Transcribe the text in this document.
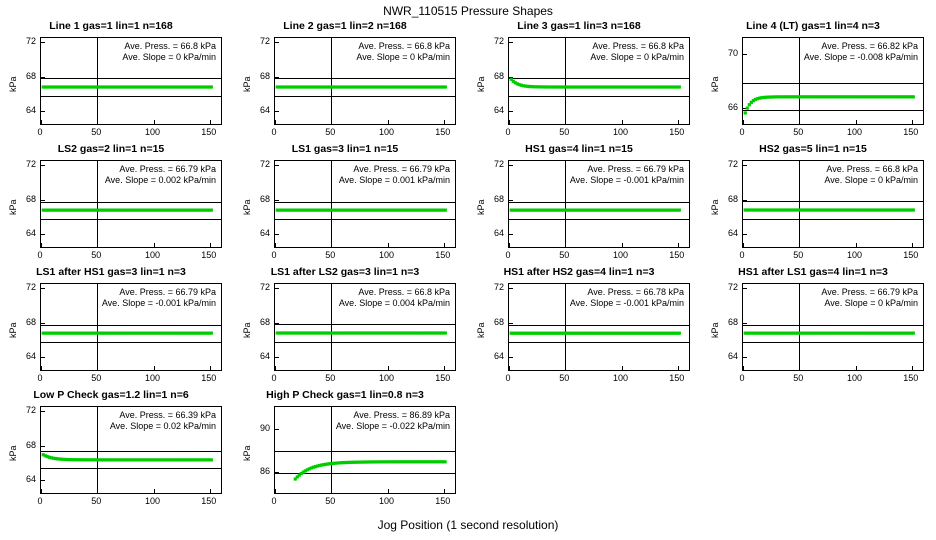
NWR_110515 Pressure Shapes
Line 1 gas=1 lin=1 n=168
Ave. Press. = 66.8 kPa
Ave. Slope = 0 kPa/min
64
68
72
0	50	100	150
kPa
Line 2 gas=1 lin=2 n=168
Ave. Press. = 66.8 kPa
Ave. Slope = 0 kPa/min
64
68
72
0	50	100	150
kPa
Line 3 gas=1 lin=3 n=168
Ave. Press. = 66.8 kPa
Ave. Slope = 0 kPa/min
64
68
72
0	50	100	150
kPa
Line 4 (LT) gas=1 lin=4 n=3
Ave. Press. = 66.82 kPa
Ave. Slope = -0.008 kPa/min
66
70
0	50	100	150
kPa
LS2 gas=2 lin=1 n=15
Ave. Press. = 66.79 kPa
Ave. Slope = 0.002 kPa/min
64
68
72
0	50	100	150
kPa
LS1 gas=3 lin=1 n=15
Ave. Press. = 66.79 kPa
Ave. Slope = 0.001 kPa/min
64
68
72
0	50	100	150
kPa
HS1 gas=4 lin=1 n=15
Ave. Press. = 66.79 kPa
Ave. Slope = -0.001 kPa/min
64
68
72
0	50	100	150
kPa
HS2 gas=5 lin=1 n=15
Ave. Press. = 66.8 kPa
Ave. Slope = 0 kPa/min
64
68
72
0	50	100	150
kPa
LS1 after HS1 gas=3 lin=1 n=3
Ave. Press. = 66.79 kPa
Ave. Slope = -0.001 kPa/min
64
68
72
0	50	100	150
kPa
LS1 after LS2 gas=3 lin=1 n=3
Ave. Press. = 66.8 kPa
Ave. Slope = 0.004 kPa/min
64
68
72
0	50	100	150
kPa
HS1 after HS2 gas=4 lin=1 n=3
Ave. Press. = 66.78 kPa
Ave. Slope = -0.001 kPa/min
64
68
72
0	50	100	150
kPa
HS1 after LS1 gas=4 lin=1 n=3
Ave. Press. = 66.79 kPa
Ave. Slope = 0 kPa/min
64
68
72
0	50	100	150
kPa
Low P Check gas=1.2 lin=1 n=6
Ave. Press. = 66.39 kPa
Ave. Slope = 0.02 kPa/min
64
68
72
0	50	100	150
kPa
High P Check gas=1 lin=0.8 n=3
Ave. Press. = 86.89 kPa
Ave. Slope = -0.022 kPa/min
86
90
0	50	100	150
kPa
Jog Position (1 second resolution)
